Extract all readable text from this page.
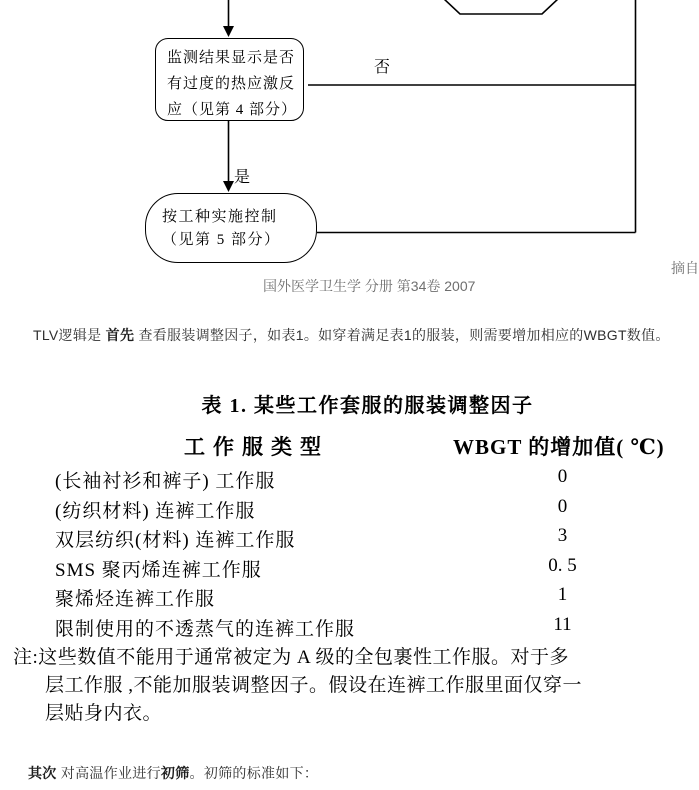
监测结果显示是否
有过度的热应激反
应（见第 4 部分）
否
是
按工种实施控制
（见第 5 部分）
国外医学卫生学 分册 第34卷 2007
摘自

TLV逻辑是 首先 查看服装调整因子，如表1。如穿着满足表1的服装，则需要增加相应的WBGT数值。

表 1. 某些工作套服的服装调整因子
工作服类型	WBGT 的增加值( ℃)
(长袖衬衫和裤子) 工作服	0
(纺织材料) 连裤工作服	0
双层纺织(材料) 连裤工作服	3
SMS 聚丙烯连裤工作服	0. 5
聚烯烃连裤工作服	1
限制使用的不透蒸气的连裤工作服	11
注:这些数值不能用于通常被定为 A 级的全包裹性工作服。对于多
层工作服 ,不能加服装调整因子。假设在连裤工作服里面仅穿一
层贴身内衣。

其次 对高温作业进行初筛。初筛的标准如下：
